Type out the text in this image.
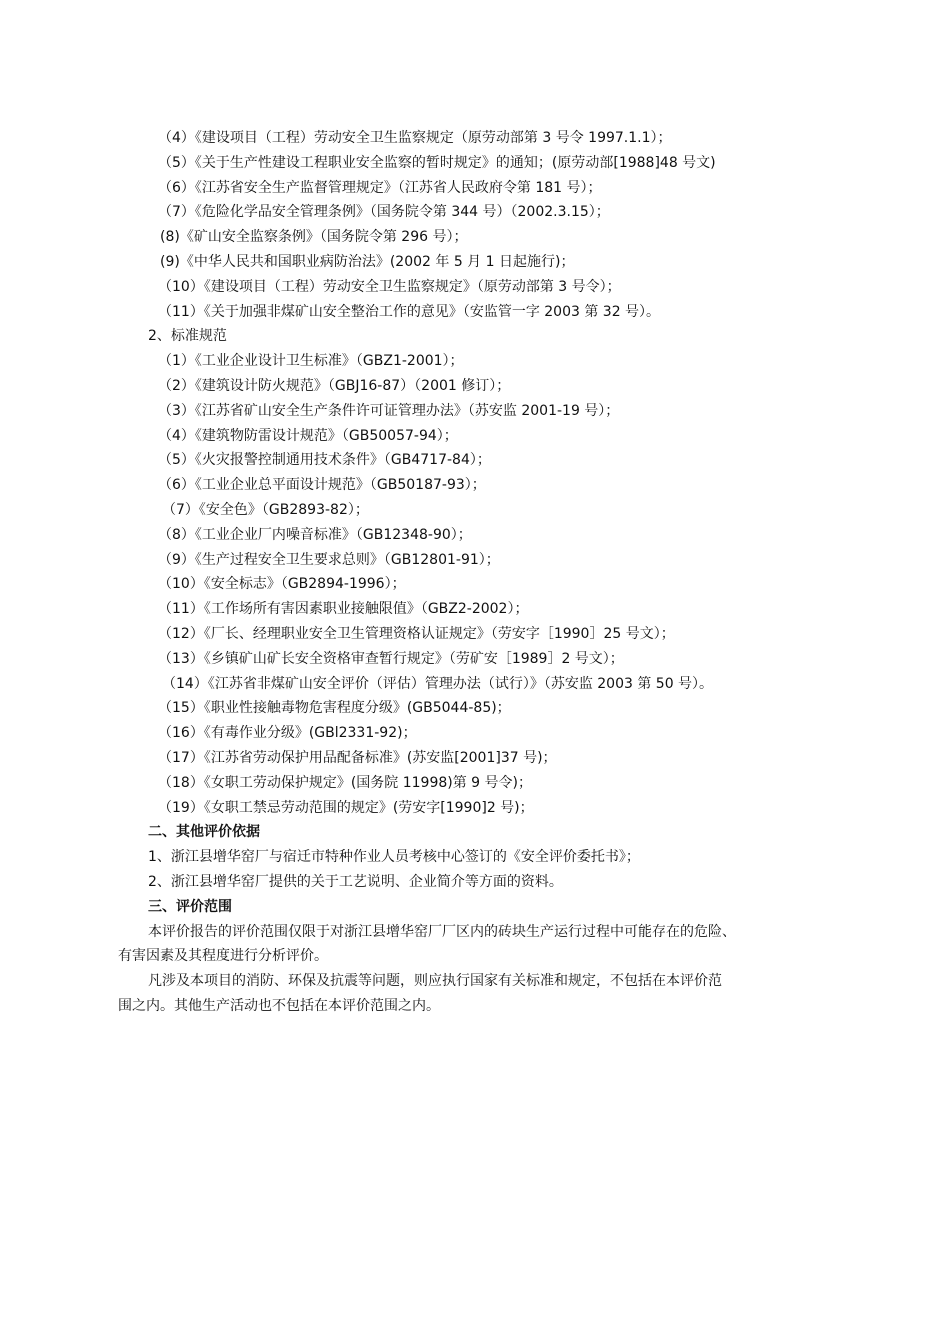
（4）《建设项目（工程）劳动安全卫生监察规定（原劳动部第 3 号令 1997.1.1）；
（5）《关于生产性建设工程职业安全监察的暂时规定》的通知；(原劳动部[1988]48 号文)
（6）《江苏省安全生产监督管理规定》（江苏省人民政府令第 181 号）；
（7）《危险化学品安全管理条例》（国务院令第 344 号）（2002.3.15）；
(8)《矿山安全监察条例》（国务院令第 296 号）；
(9)《中华人民共和国职业病防治法》(2002 年 5 月 1 日起施行)；
（10）《建设项目（工程）劳动安全卫生监察规定》（原劳动部第 3 号令）；
（11）《关于加强非煤矿山安全整治工作的意见》（安监管一字 2003 第 32 号）。
2、标准规范
（1）《工业企业设计卫生标准》（GBZ1-2001）；
（2）《建筑设计防火规范》（GBJ16-87）（2001 修订）；
（3）《江苏省矿山安全生产条件许可证管理办法》（苏安监 2001-19 号）；
（4）《建筑物防雷设计规范》（GB50057-94）；
（5）《火灾报警控制通用技术条件》（GB4717-84）；
（6）《工业企业总平面设计规范》（GB50187-93）；
（7）《安全色》（GB2893-82）；
（8）《工业企业厂内噪音标准》（GB12348-90）；
（9）《生产过程安全卫生要求总则》（GB12801-91）；
（10）《安全标志》（GB2894-1996）；
（11）《工作场所有害因素职业接触限值》（GBZ2-2002）；
（12）《厂长、经理职业安全卫生管理资格认证规定》（劳安字［1990］25 号文）；
（13）《乡镇矿山矿长安全资格审查暂行规定》（劳矿安［1989］2 号文）；
（14）《江苏省非煤矿山安全评价（评估）管理办法（试行）》（苏安监 2003 第 50 号）。
（15）《职业性接触毒物危害程度分级》(GB5044-85)；
（16）《有毒作业分级》(GBl2331-92)；
（17）《江苏省劳动保护用品配备标准》(苏安监[2001]37 号)；
（18）《女职工劳动保护规定》(国务院 11998)第 9 号令)；
（19）《女职工禁忌劳动范围的规定》(劳安字[1990]2 号)；
二、其他评价依据
1、浙江县增华窑厂与宿迁市特种作业人员考核中心签订的《安全评价委托书》；
2、浙江县增华窑厂提供的关于工艺说明、企业简介等方面的资料。
三、评价范围
本评价报告的评价范围仅限于对浙江县增华窑厂厂区内的砖块生产运行过程中可能存在的危险、
有害因素及其程度进行分析评价。
凡涉及本项目的消防、环保及抗震等问题，则应执行国家有关标准和规定，不包括在本评价范
围之内。其他生产活动也不包括在本评价范围之内。
